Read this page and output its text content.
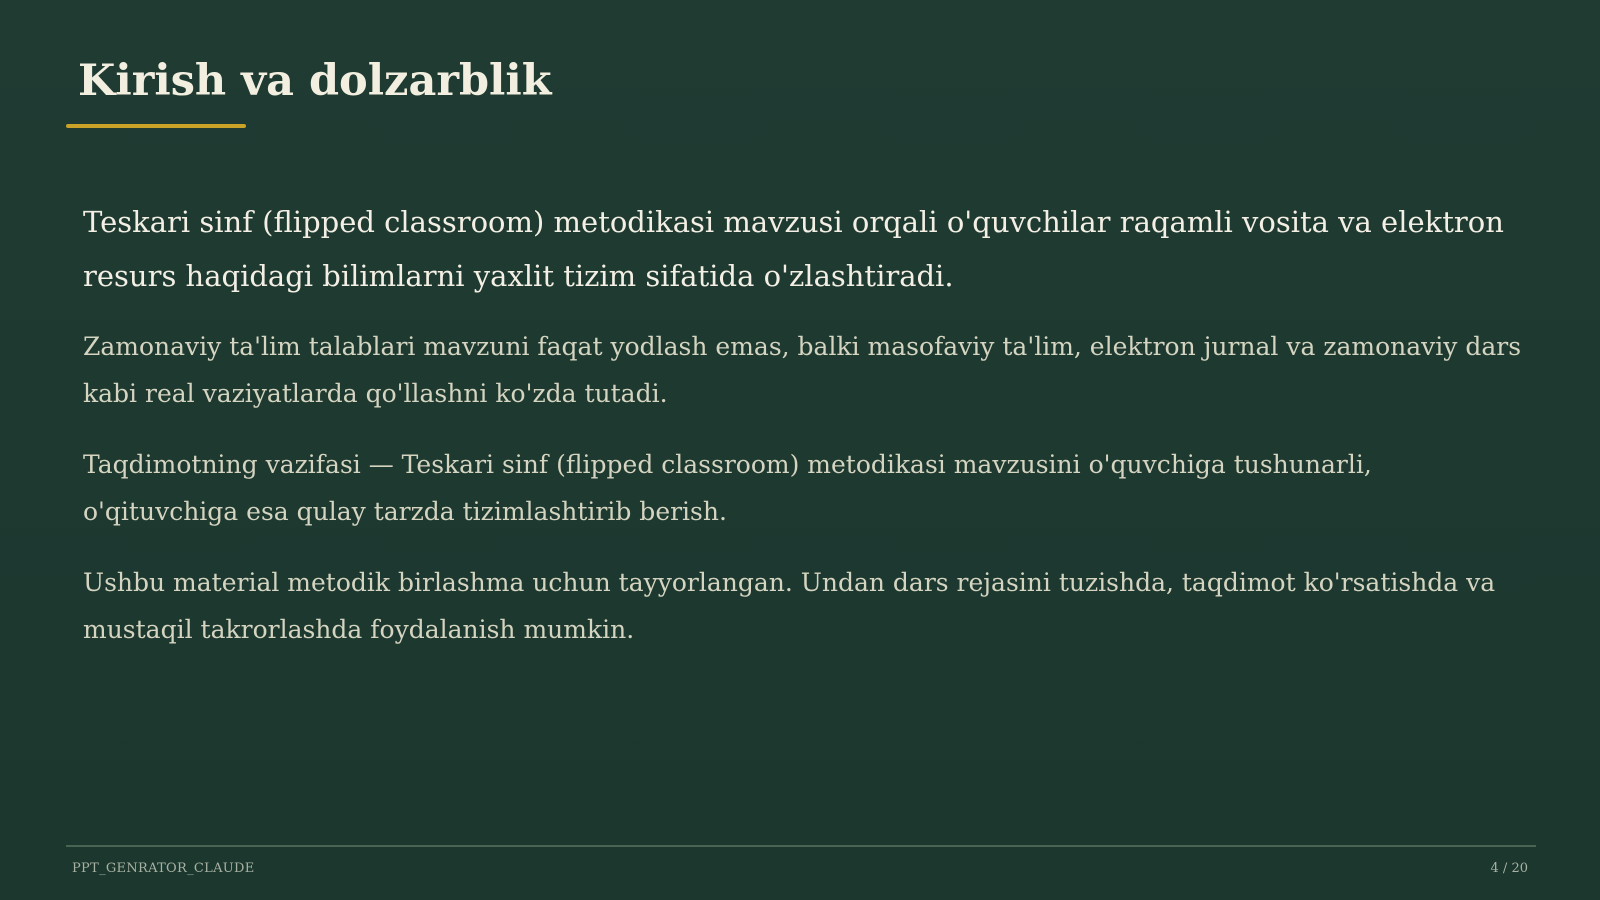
Kirish va dolzarblik

Teskari sinf (flipped classroom) metodikasi mavzusi orqali o'quvchilar raqamli vosita va elektron resurs haqidagi bilimlarni yaxlit tizim sifatida o'zlashtiradi.

Zamonaviy ta'lim talablari mavzuni faqat yodlash emas, balki masofaviy ta'lim, elektron jurnal va zamonaviy dars kabi real vaziyatlarda qo'llashni ko'zda tutadi.

Taqdimotning vazifasi — Teskari sinf (flipped classroom) metodikasi mavzusini o'quvchiga tushunarli, o'qituvchiga esa qulay tarzda tizimlashtirib berish.

Ushbu material metodik birlashma uchun tayyorlangan. Undan dars rejasini tuzishda, taqdimot ko'rsatishda va mustaqil takrorlashda foydalanish mumkin.

PPT_GENRATOR_CLAUDE	4 / 20
